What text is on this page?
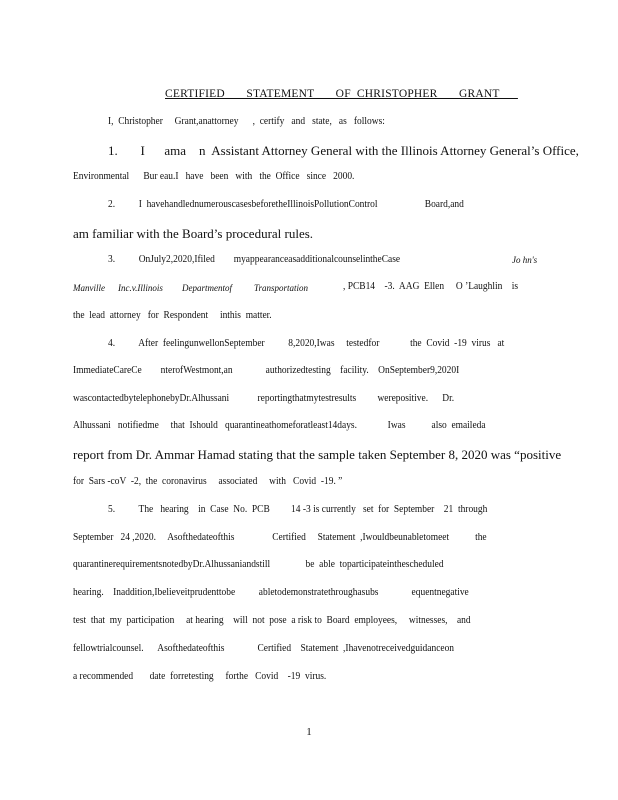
CERTIFIED       STATEMENT       OF  CHRISTOPHER       GRANT
I,  Christopher     Grant,anattorney      ,  certify   and   state,   as   follows:
1.       I      ama    n  Assistant Attorney General with the Illinois Attorney General’s Office,
Environmental      Bur eau.I   have   been   with   the  Office   since   2000.
2.          I  havehandlednumerouscasesbeforetheIllinoisPollutionControl                    Board,and
am familiar with the Board’s procedural rules.
3.          OnJuly2,2020,Ifiled        myappearanceasadditionalcounselintheCase	Jo hn's
Manville Inc.v.Illinois Departmentof Transportation	, PCB14    -3.  AAG  Ellen     O ’Laughlin    is
the  lead  attorney   for  Respondent     inthis  matter.
4.          After  feelingunwellonSeptember          8,2020,Iwas     testedfor             the  Covid  -19  virus   at
ImmediateCareCe        nterofWestmont,an              authorizedtesting    facility.    OnSeptember9,2020I
wascontactedbytelephonebyDr.Alhussani            reportingthatmytestresults         werepositive.      Dr.
Alhussani   notifiedme     that  Ishould   quarantineathomeforatleast14days.             Iwas           also  emaileda
report from Dr. Ammar Hamad stating that the sample taken September 8, 2020 was “positive
for  Sars -coV  -2,  the  coronavirus     associated     with   Covid  -19. ”
5.          The   hearing    in  Case  No.  PCB         14 -3 is currently   set  for  September    21  through
September   24 ,2020.     Asofthedateofthis                Certified     Statement  ,Iwouldbeunabletomeet           the
quarantinerequirementsnotedbyDr.Alhussaniandstill               be  able  toparticipateinthescheduled
hearing.    Inaddition,Ibelieveitprudenttobe          abletodemonstratethroughasubs              equentnegative
test  that  my  participation     at hearing    will  not  pose  a risk to  Board  employees,     witnesses,    and
fellowtrialcounsel.      Asofthedateofthis              Certified    Statement  ,Ihavenotreceivedguidanceon
a recommended       date  forretesting     forthe   Covid    -19  virus.
1
